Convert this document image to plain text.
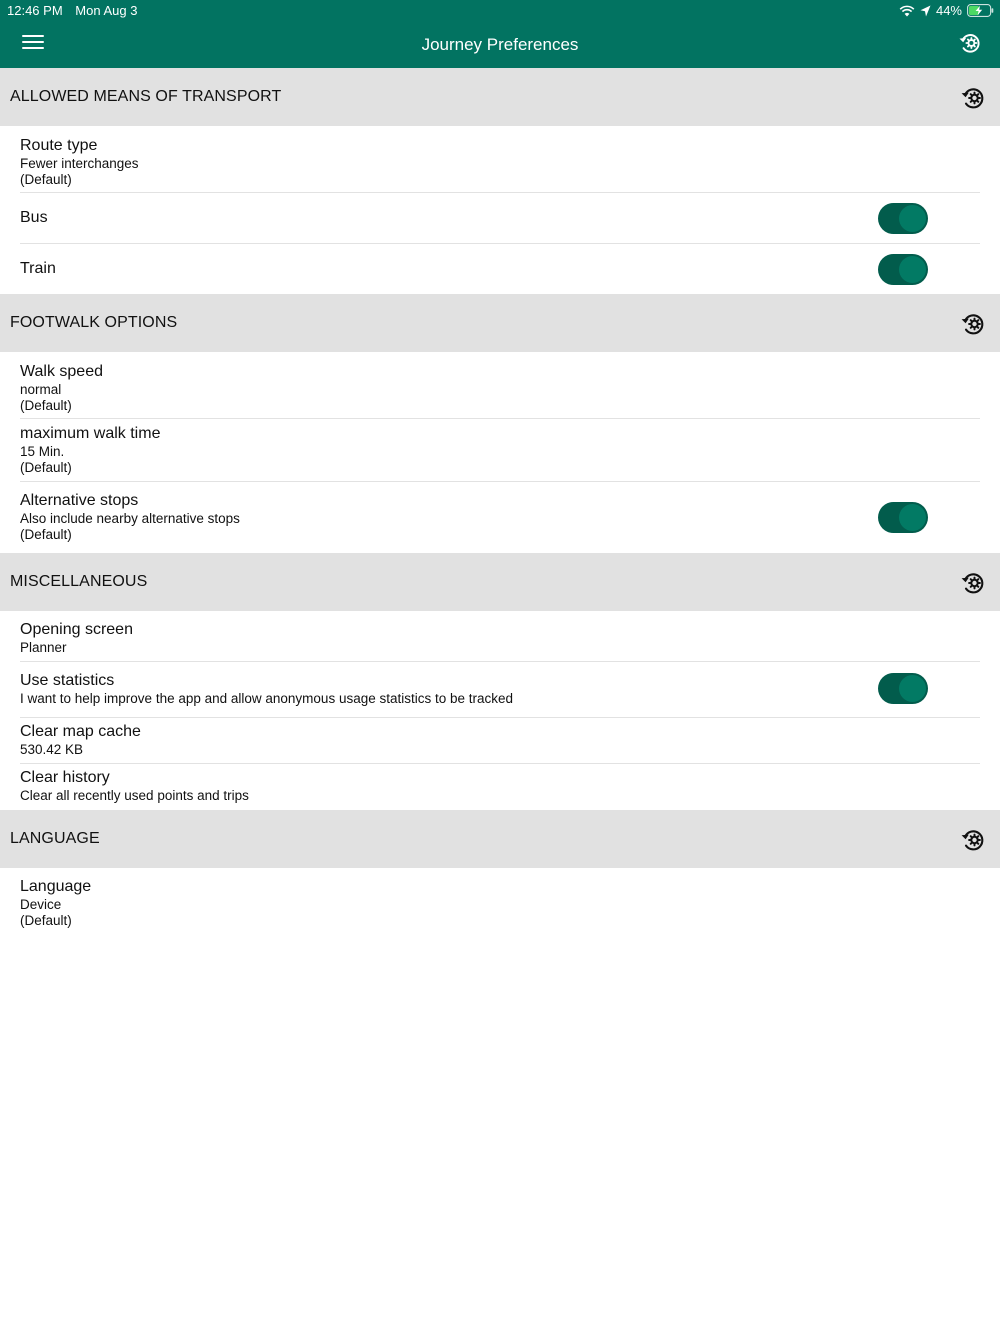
12:46 PM Mon Aug 3	44%
Journey Preferences
ALLOWED MEANS OF TRANSPORT
Route type
Fewer interchanges
(Default)
Bus
Train
FOOTWALK OPTIONS
Walk speed
normal
(Default)
maximum walk time
15 Min.
(Default)
Alternative stops
Also include nearby alternative stops
(Default)
MISCELLANEOUS
Opening screen
Planner
Use statistics
I want to help improve the app and allow anonymous usage statistics to be tracked
Clear map cache
530.42 KB
Clear history
Clear all recently used points and trips
LANGUAGE
Language
Device
(Default)
